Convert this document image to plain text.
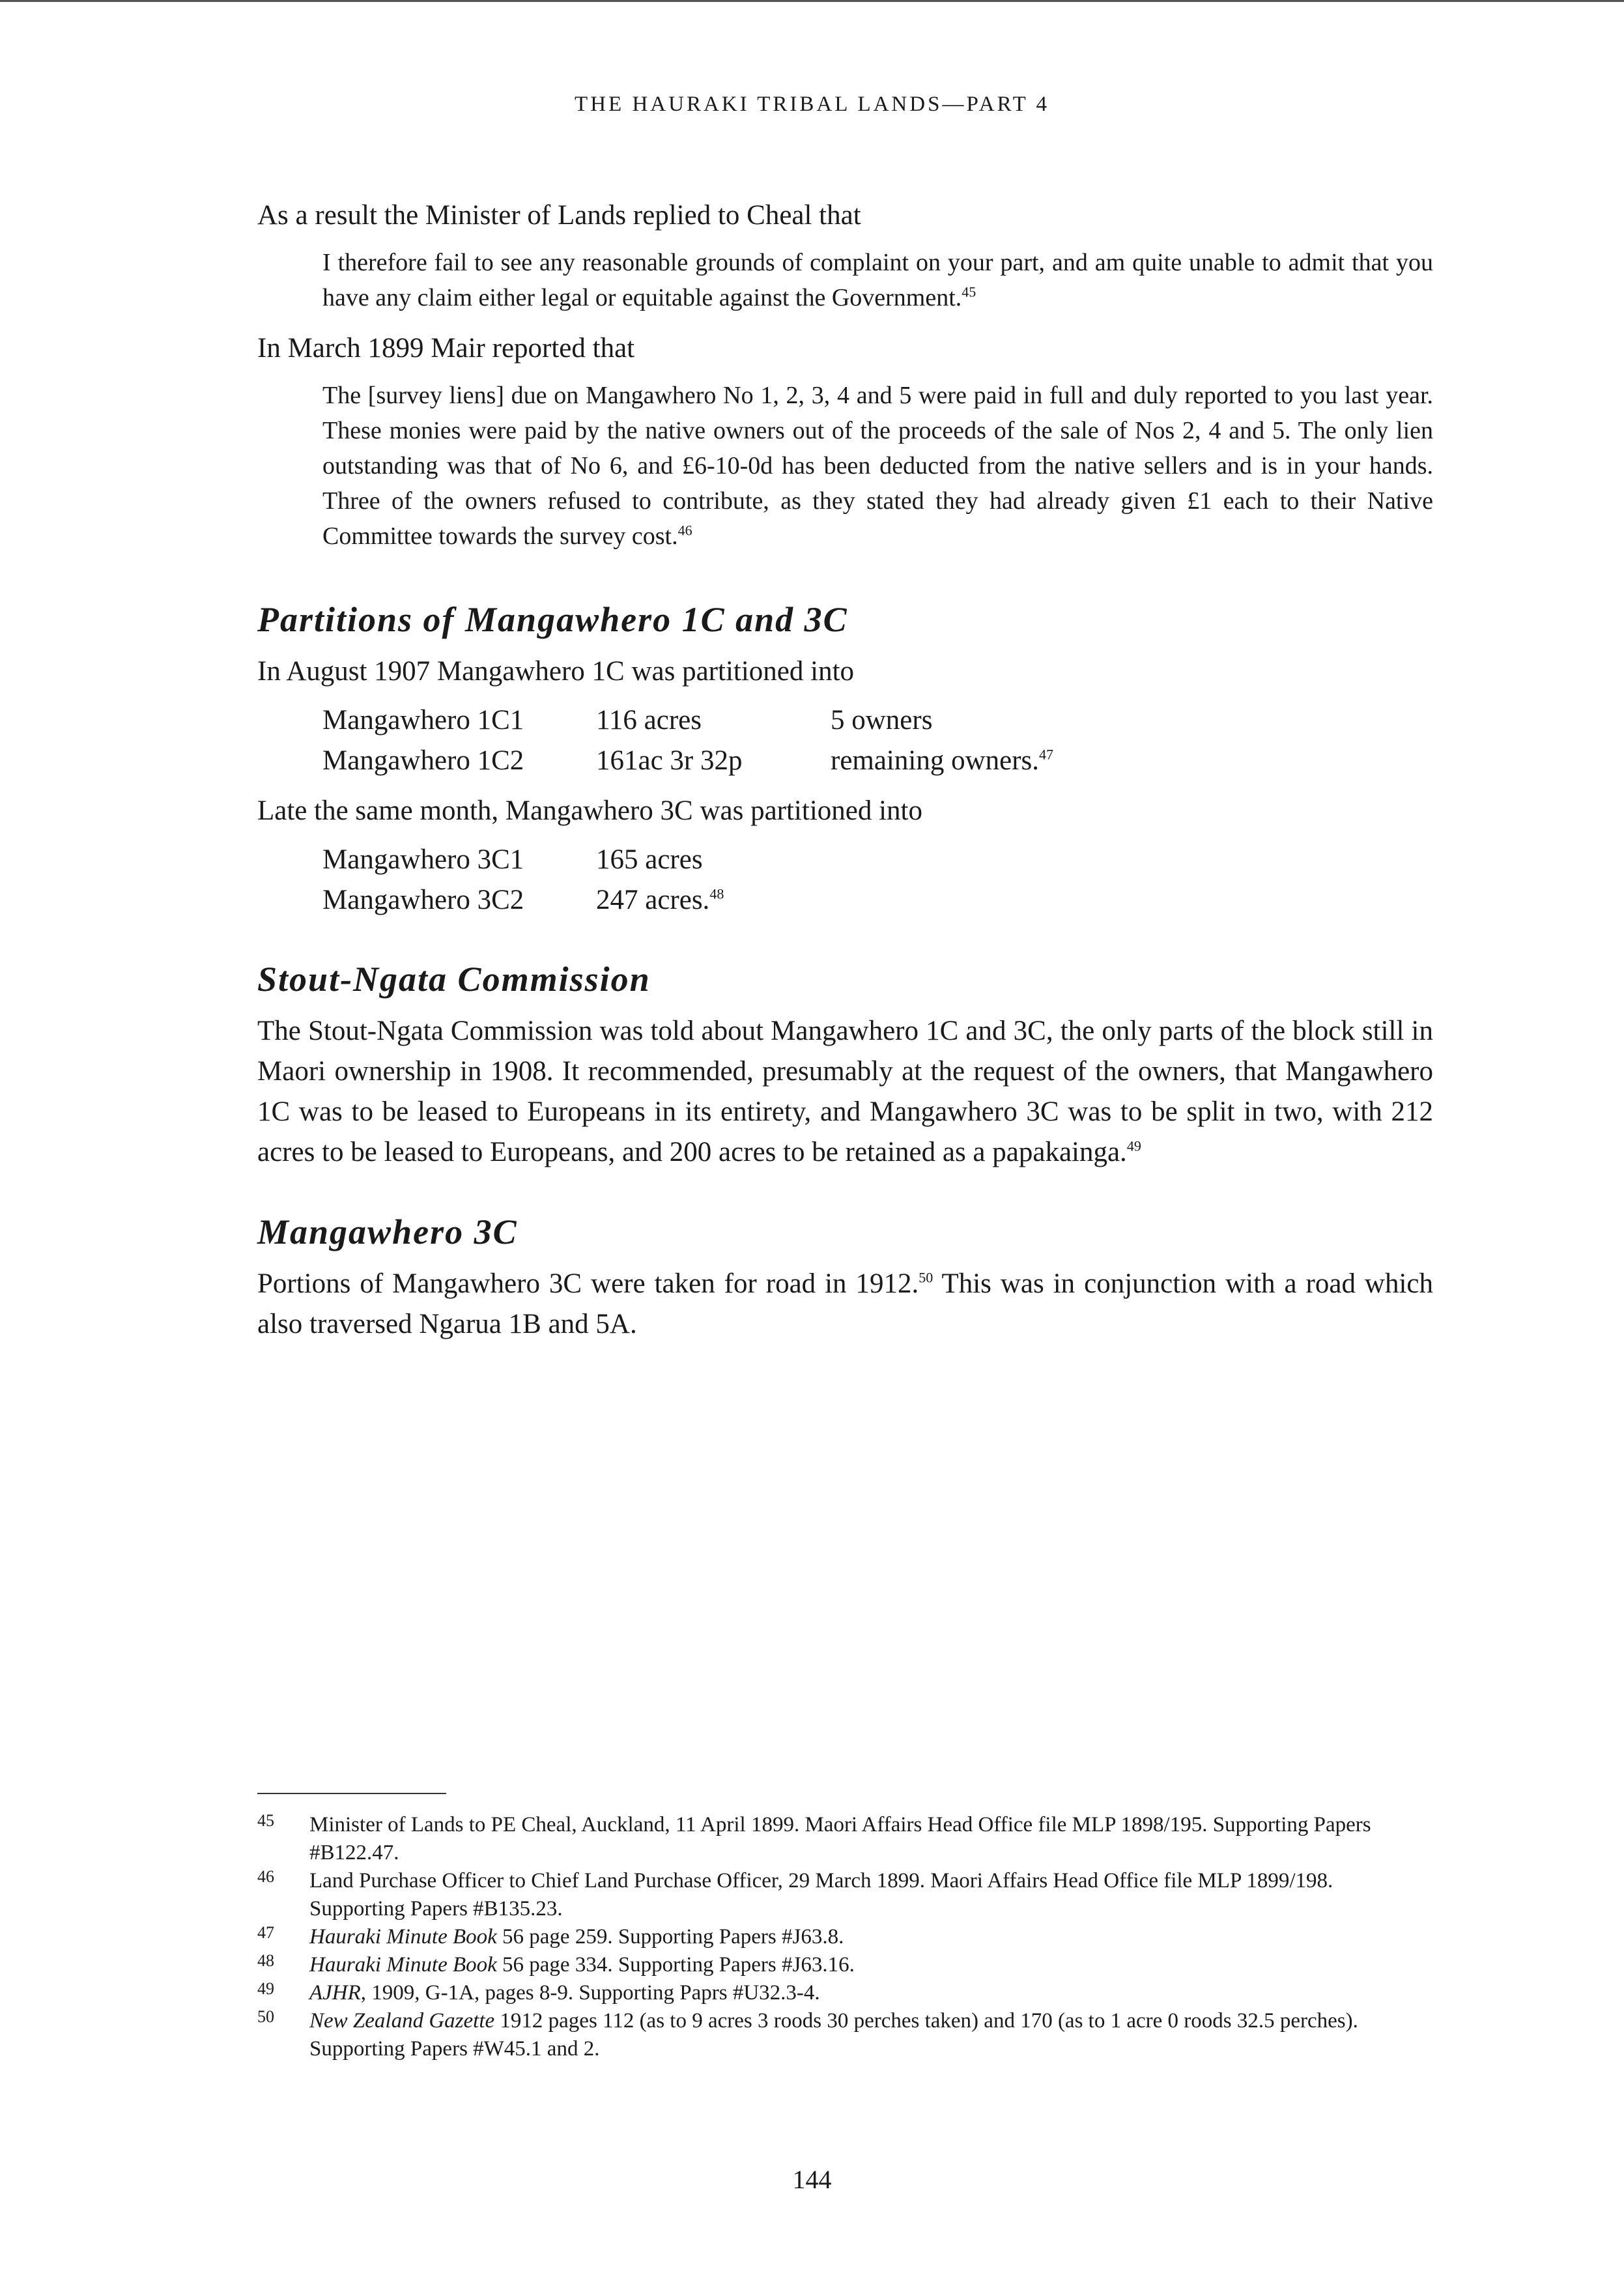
THE HAURAKI TRIBAL LANDS—PART 4

As a result the Minister of Lands replied to Cheal that

I therefore fail to see any reasonable grounds of complaint on your part, and am quite unable to admit that you have any claim either legal or equitable against the Government.$^{45}$

In March 1899 Mair reported that

The [survey liens] due on Mangawhero No 1, 2, 3, 4 and 5 were paid in full and duly reported to you last year. These monies were paid by the native owners out of the proceeds of the sale of Nos 2, 4 and 5. The only lien outstanding was that of No 6, and £6-10-0d has been deducted from the native sellers and is in your hands. Three of the owners refused to contribute, as they stated they had already given £1 each to their Native Committee towards the survey cost.$^{46}$

Partitions of Mangawhero 1C and 3C

In August 1907 Mangawhero 1C was partitioned into

Mangawhero 1C1	116 acres	5 owners
Mangawhero 1C2	161ac 3r 32p	remaining owners.$^{47}$

Late the same month, Mangawhero 3C was partitioned into

Mangawhero 3C1	165 acres
Mangawhero 3C2	247 acres.$^{48}$
Stout-Ngata Commission

The Stout-Ngata Commission was told about Mangawhero 1C and 3C, the only parts of the block still in Maori ownership in 1908. It recommended, presumably at the request of the owners, that Mangawhero 1C was to be leased to Europeans in its entirety, and Mangawhero 3C was to be split in two, with 212 acres to be leased to Europeans, and 200 acres to be retained as a papakainga.$^{49}$

Mangawhero 3C

Portions of Mangawhero 3C were taken for road in 1912.50 This was in conjunction with a road which also traversed Ngarua 1B and 5A.

45	Minister of Lands to PE Cheal, Auckland, 11 April 1899. Maori Affairs Head Office file MLP 1898/195. Supporting Papers #B122.47.
46	Land Purchase Officer to Chief Land Purchase Officer, 29 March 1899. Maori Affairs Head Office file MLP 1899/198. Supporting Papers #B135.23.
47	Hauraki Minute Book 56 page 259. Supporting Papers #J63.8.
48	Hauraki Minute Book 56 page 334. Supporting Papers #J63.16.
49	AJHR, 1909, G-1A, pages 8-9. Supporting Paprs #U32.3-4.
50	New Zealand Gazette 1912 pages 112 (as to 9 acres 3 roods 30 perches taken) and 170 (as to 1 acre 0 roods 32.5 perches). Supporting Papers #W45.1 and 2.
144
